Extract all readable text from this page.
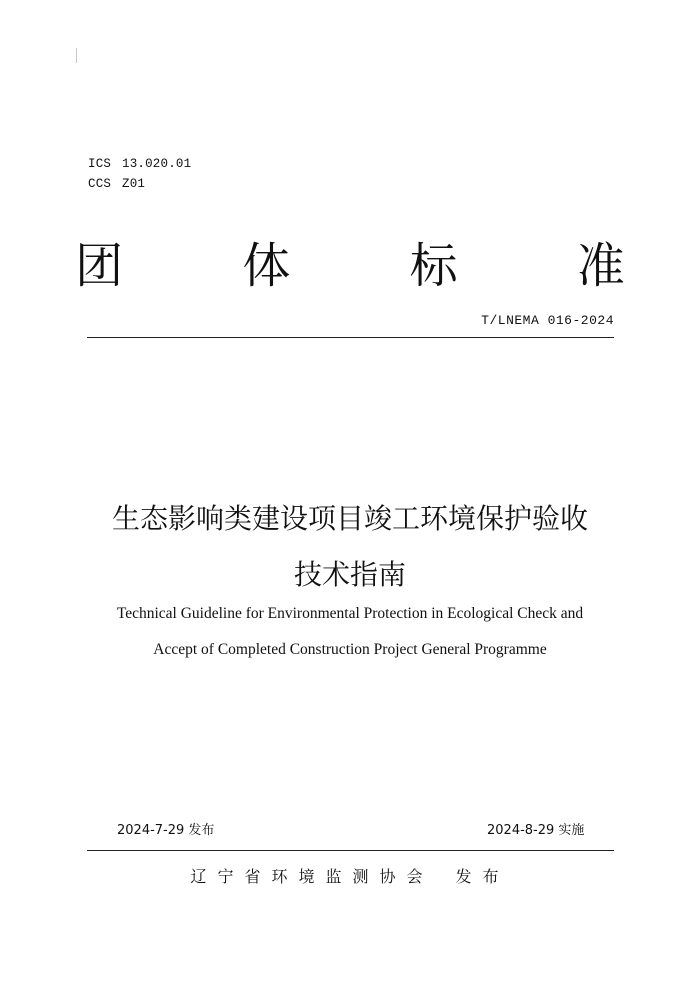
ICS 13.020.01
CCS Z01
团 体 标 准
T/LNEMA 016-2024
生态影响类建设项目竣工环境保护验收
技术指南
Technical Guideline for Environmental Protection in Ecological Check and
Accept of Completed Construction Project General Programme
2024-7-29 发布	2024-8-29 实施
辽宁省环境监测协会 发布
